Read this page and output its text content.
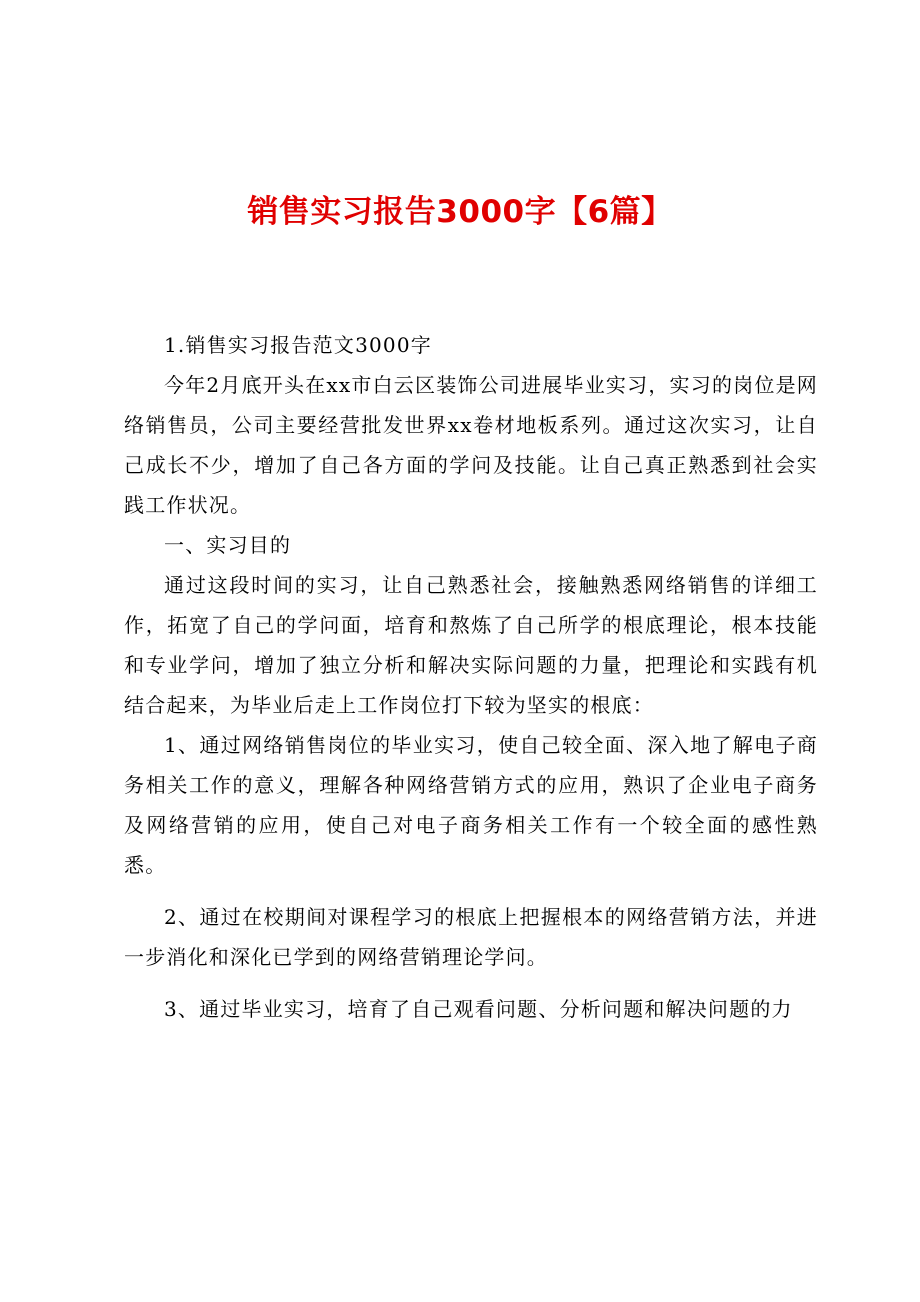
销售实习报告3000字【6篇】

1.销售实习报告范文3000字

今年2月底开头在xx市白云区装饰公司进展毕业实习，实习的岗位是网络销售员，公司主要经营批发世界xx卷材地板系列。通过这次实习，让自己成长不少，增加了自己各方面的学问及技能。让自己真正熟悉到社会实践工作状况。

一、实习目的

通过这段时间的实习，让自己熟悉社会，接触熟悉网络销售的详细工作，拓宽了自己的学问面，培育和熬炼了自己所学的根底理论，根本技能和专业学问，增加了独立分析和解决实际问题的力量，把理论和实践有机结合起来，为毕业后走上工作岗位打下较为坚实的根底：

1、通过网络销售岗位的毕业实习，使自己较全面、深入地了解电子商务相关工作的意义，理解各种网络营销方式的应用，熟识了企业电子商务及网络营销的应用，使自己对电子商务相关工作有一个较全面的感性熟悉。

2、通过在校期间对课程学习的根底上把握根本的网络营销方法，并进一步消化和深化已学到的网络营销理论学问。

3、通过毕业实习，培育了自己观看问题、分析问题和解决问题的力
